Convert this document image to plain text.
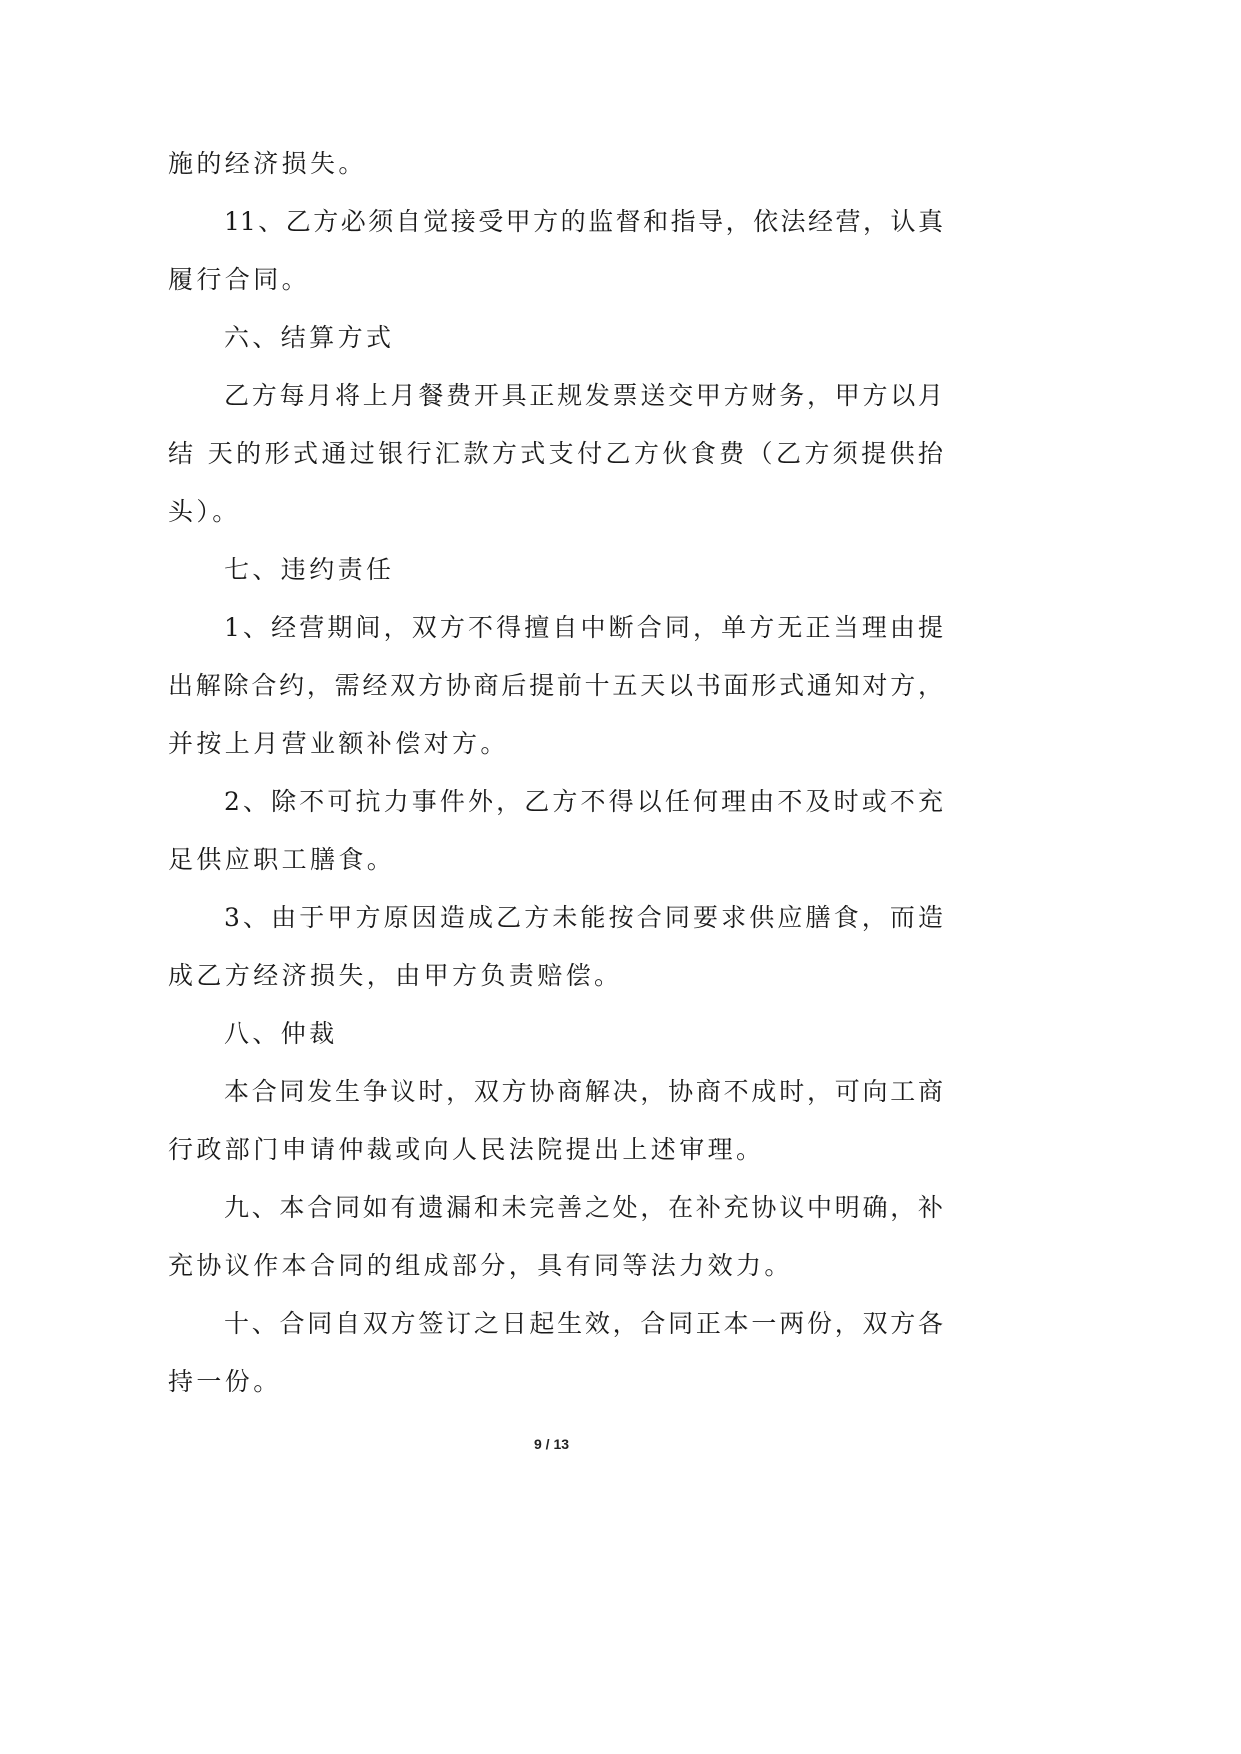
施的经济损失。
11、乙方必须自觉接受甲方的监督和指导，依法经营，认真
履行合同。
六、结算方式
乙方每月将上月餐费开具正规发票送交甲方财务，甲方以月
结 天的形式通过银行汇款方式支付乙方伙食费（乙方须提供抬
头）。
七、违约责任
1、经营期间，双方不得擅自中断合同，单方无正当理由提
出解除合约，需经双方协商后提前十五天以书面形式通知对方，
并按上月营业额补偿对方。
2、除不可抗力事件外，乙方不得以任何理由不及时或不充
足供应职工膳食。
3、由于甲方原因造成乙方未能按合同要求供应膳食，而造
成乙方经济损失，由甲方负责赔偿。
八、仲裁
本合同发生争议时，双方协商解决，协商不成时，可向工商
行政部门申请仲裁或向人民法院提出上述审理。
九、本合同如有遗漏和未完善之处，在补充协议中明确，补
充协议作本合同的组成部分，具有同等法力效力。
十、合同自双方签订之日起生效，合同正本一两份，双方各
持一份。
9 / 13
